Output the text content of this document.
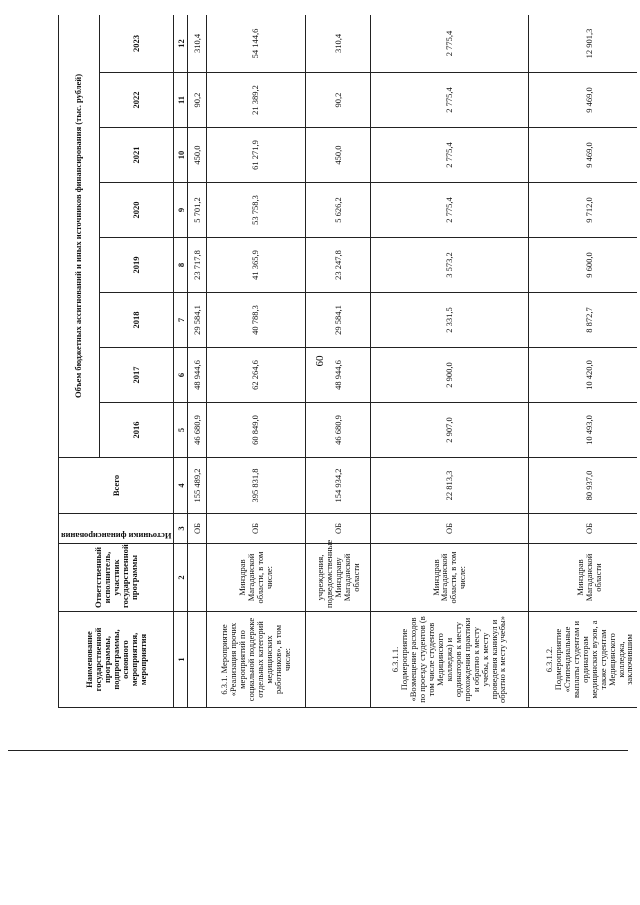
60
Наименование государственной программы, подпрограммы, основного мероприятия, мероприятия	Ответственный исполнитель, участник государственной программы	Источники финансирования	Всего	Объем бюджетных ассигнований и иных источников финансирования (тыс. рублей)							
				2016	2017	2018	2019	2020	2021	2022	2023
1	2	3	4	5	6	7	8	9	10	11	12
		ОБ	155 489,2	46 680,9	48 944,6	29 584,1	23 717,8	5 701,2	450,0	90,2	310,4
6.3.1. Мероприятие «Реализация прочих мероприятий по социальной поддержке отдельных категорий медицинских работников», в том числе:	Минздрав Магаданской области, в том числе:	ОБ	395 831,8	60 849,0	62 264,6	40 788,3	41 365,9	53 758,3	61 271,9	21 389,2	54 144,6
	учреждения, подведомственные Минздраву Магаданской области	ОБ	154 934,2	46 680,9	48 944,6	29 584,1	23 247,8	5 626,2	450,0	90,2	310,4
6.3.1.1. Подмероприятие «Возмещение расходов по проезду студентов (в том числе студентов Медицинского колледжа) и ординаторов к месту прохождения практики и обратно к месту учебы, к месту проведения каникул и обратно к месту учебы»	Минздрав Магаданской области, в том числе:	ОБ	22 813,3	2 907,0	2 900,0	2 331,5	3 573,2	2 775,4	2 775,4	2 775,4	2 775,4
6.3.1.2. Подмероприятие «Стипендиальные выплаты студентам и ординаторам медицинских вузов, а также студентам Медицинского колледжа, заключившим	Минздрав Магаданской области	ОБ	80 937,0	10 493,0	10 420,0	8 872,7	9 600,0	9 712,0	9 469,0	9 469,0	12 901,3
